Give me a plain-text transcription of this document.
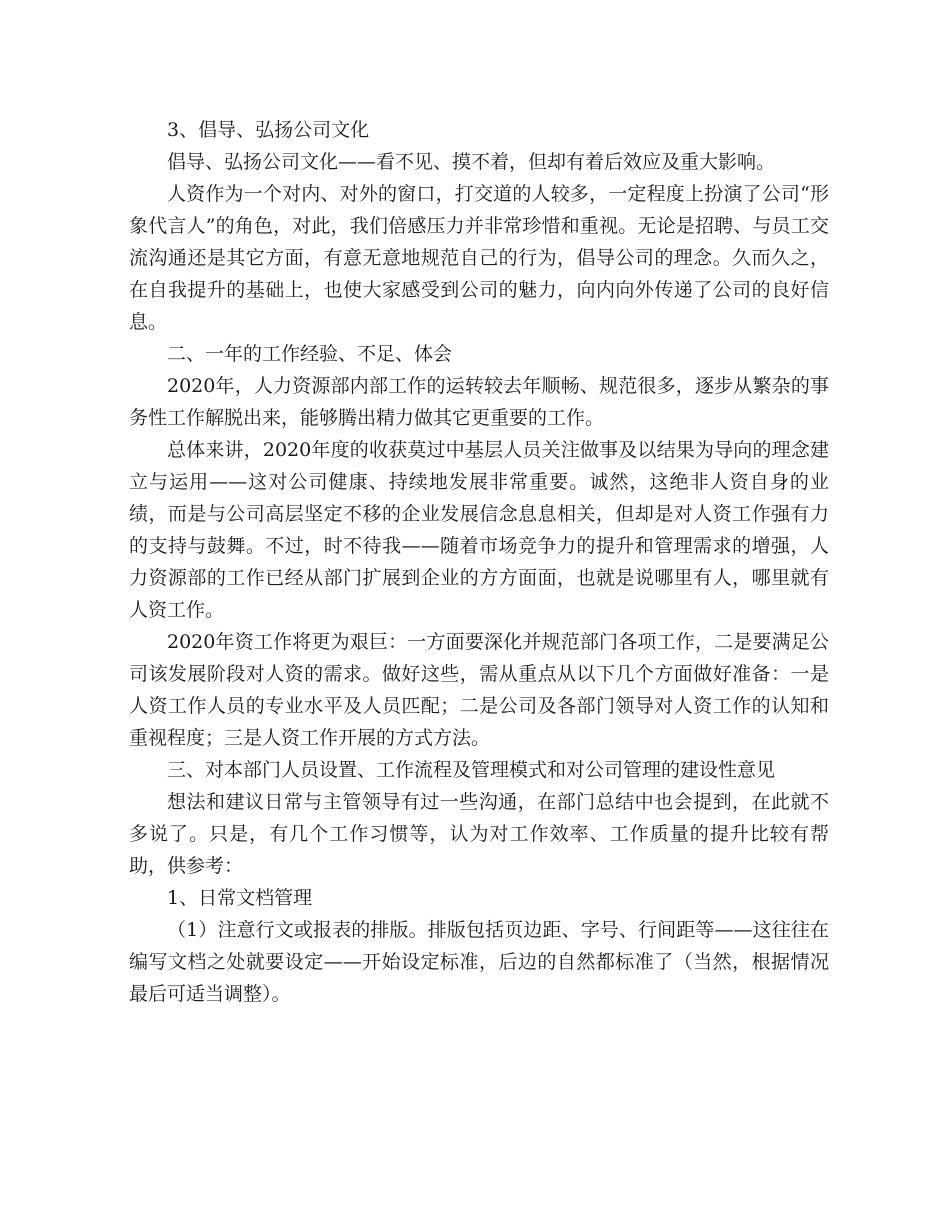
3、倡导、弘扬公司文化

倡导、弘扬公司文化——看不见、摸不着，但却有着后效应及重大影响。

人资作为一个对内、对外的窗口，打交道的人较多，一定程度上扮演了公司“形象代言人”的角色，对此，我们倍感压力并非常珍惜和重视。无论是招聘、与员工交流沟通还是其它方面，有意无意地规范自己的行为，倡导公司的理念。久而久之，在自我提升的基础上，也使大家感受到公司的魅力，向内向外传递了公司的良好信息。

二、一年的工作经验、不足、体会

2020年，人力资源部内部工作的运转较去年顺畅、规范很多，逐步从繁杂的事务性工作解脱出来，能够腾出精力做其它更重要的工作。

总体来讲，2020年度的收获莫过中基层人员关注做事及以结果为导向的理念建立与运用——这对公司健康、持续地发展非常重要。诚然，这绝非人资自身的业绩，而是与公司高层坚定不移的企业发展信念息息相关，但却是对人资工作强有力的支持与鼓舞。不过，时不待我——随着市场竞争力的提升和管理需求的增强，人力资源部的工作已经从部门扩展到企业的方方面面，也就是说哪里有人，哪里就有人资工作。

2020年资工作将更为艰巨：一方面要深化并规范部门各项工作，二是要满足公司该发展阶段对人资的需求。做好这些，需从重点从以下几个方面做好准备：一是人资工作人员的专业水平及人员匹配；二是公司及各部门领导对人资工作的认知和重视程度；三是人资工作开展的方式方法。

三、对本部门人员设置、工作流程及管理模式和对公司管理的建设性意见

想法和建议日常与主管领导有过一些沟通，在部门总结中也会提到，在此就不多说了。只是，有几个工作习惯等，认为对工作效率、工作质量的提升比较有帮助，供参考：

1、日常文档管理

（1）注意行文或报表的排版。排版包括页边距、字号、行间距等——这往往在编写文档之处就要设定——开始设定标准，后边的自然都标准了（当然，根据情况最后可适当调整）。
